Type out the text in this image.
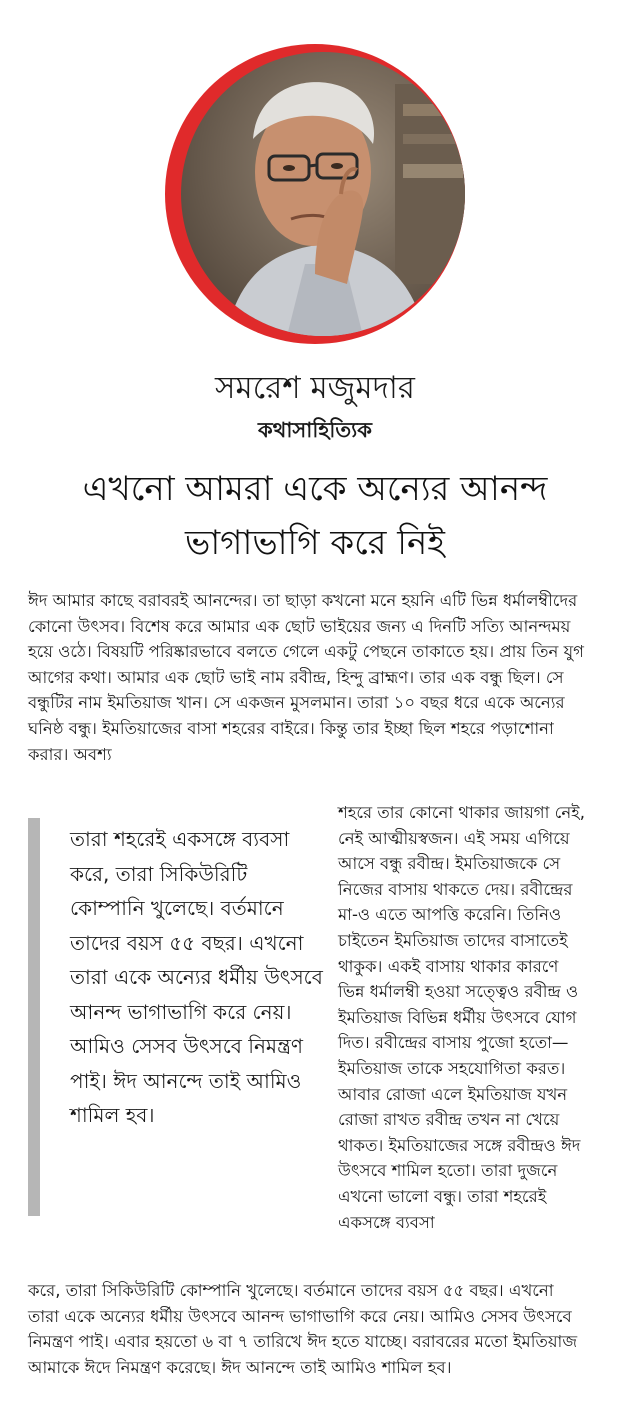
সমরেশ মজুমদার
কথাসাহিত্যিক
এখনো আমরা একে অন্যের আনন্দ ভাগাভাগি করে নিই
ঈদ আমার কাছে বরাবরই আনন্দের। তা ছাড়া কখনো মনে হয়নি এটি ভিন্ন ধর্মালম্বীদের কোনো উৎসব। বিশেষ করে আমার এক ছোট ভাইয়ের জন্য এ দিনটি সত্যি আনন্দময় হয়ে ওঠে। বিষয়টি পরিষ্কারভাবে বলতে গেলে একটু পেছনে তাকাতে হয়। প্রায় তিন যুগ আগের কথা। আমার এক ছোট ভাই নাম রবীন্দ্র, হিন্দু ব্রাহ্মণ। তার এক বন্ধু ছিল। সে বন্ধুটির নাম ইমতিয়াজ খান। সে একজন মুসলমান। তারা ১০ বছর ধরে একে অন্যের ঘনিষ্ঠ বন্ধু। ইমতিয়াজের বাসা শহরের বাইরে। কিন্তু তার ইচ্ছা ছিল শহরে পড়াশোনা করার। অবশ্য
তারা শহরেই একসঙ্গে ব্যবসা করে, তারা সিকিউরিটি কোম্পানি খুলেছে। বর্তমানে তাদের বয়স ৫৫ বছর। এখনো তারা একে অন্যের ধর্মীয় উৎসবে আনন্দ ভাগাভাগি করে নেয়। আমিও সেসব উৎসবে নিমন্ত্রণ পাই। ঈদ আনন্দে তাই আমিও শামিল হব।
শহরে তার কোনো থাকার জায়গা নেই, নেই আত্মীয়স্বজন। এই সময় এগিয়ে আসে বন্ধু রবীন্দ্র। ইমতিয়াজকে সে নিজের বাসায় থাকতে দেয়। রবীন্দ্রের মা-ও এতে আপত্তি করেনি। তিনিও চাইতেন ইমতিয়াজ তাদের বাসাতেই থাকুক। একই বাসায় থাকার কারণে ভিন্ন ধর্মালম্বী হওয়া সত্ত্বেও রবীন্দ্র ও ইমতিয়াজ বিভিন্ন ধর্মীয় উৎসবে যোগ দিত। রবীন্দ্রের বাসায় পুজো হতো— ইমতিয়াজ তাকে সহযোগিতা করত। আবার রোজা এলে ইমতিয়াজ যখন রোজা রাখত রবীন্দ্র তখন না খেয়ে থাকত। ইমতিয়াজের সঙ্গে রবীন্দ্রও ঈদ উৎসবে শামিল হতো। তারা দুজনে এখনো ভালো বন্ধু। তারা শহরেই একসঙ্গে ব্যবসা
করে, তারা সিকিউরিটি কোম্পানি খুলেছে। বর্তমানে তাদের বয়স ৫৫ বছর। এখনো তারা একে অন্যের ধর্মীয় উৎসবে আনন্দ ভাগাভাগি করে নেয়। আমিও সেসব উৎসবে নিমন্ত্রণ পাই। এবার হয়তো ৬ বা ৭ তারিখে ঈদ হতে যাচ্ছে। বরাবরের মতো ইমতিয়াজ আমাকে ঈদে নিমন্ত্রণ করেছে। ঈদ আনন্দে তাই আমিও শামিল হব।
